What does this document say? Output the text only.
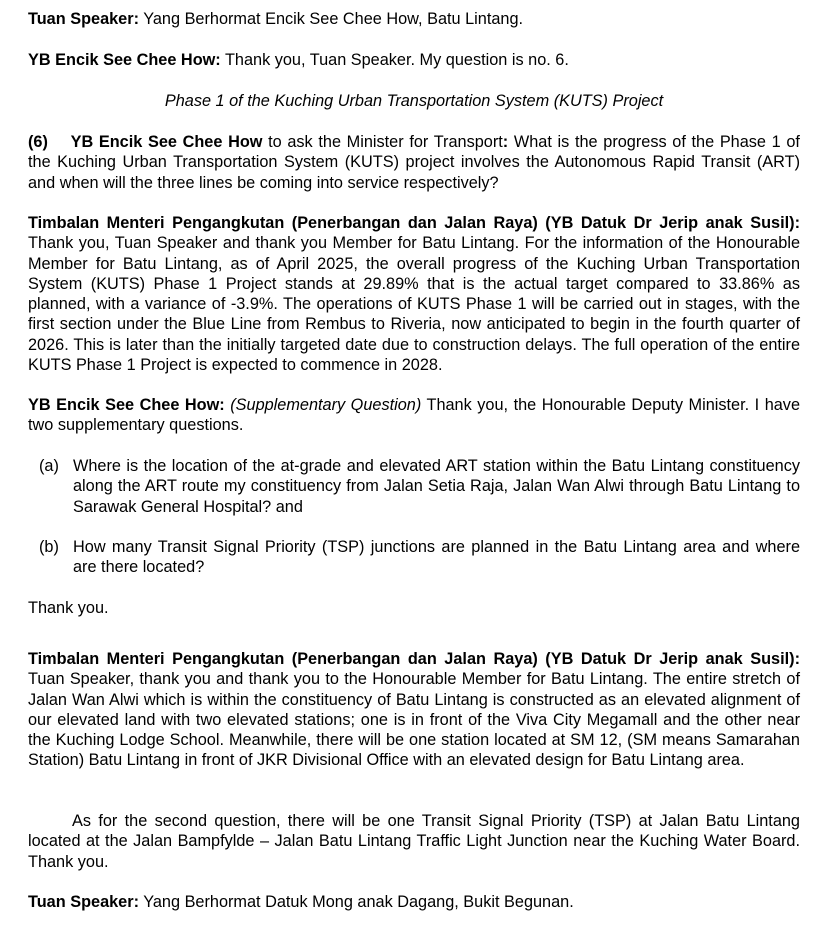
Tuan Speaker: Yang Berhormat Encik See Chee How, Batu Lintang.

YB Encik See Chee How: Thank you, Tuan Speaker. My question is no. 6.

Phase 1 of the Kuching Urban Transportation System (KUTS) Project

(6) YB Encik See Chee How to ask the Minister for Transport: What is the progress of the Phase 1 of the Kuching Urban Transportation System (KUTS) project involves the Autonomous Rapid Transit (ART) and when will the three lines be coming into service respectively?

Timbalan Menteri Pengangkutan (Penerbangan dan Jalan Raya) (YB Datuk Dr Jerip anak Susil): Thank you, Tuan Speaker and thank you Member for Batu Lintang. For the information of the Honourable Member for Batu Lintang, as of April 2025, the overall progress of the Kuching Urban Transportation System (KUTS) Phase 1 Project stands at 29.89% that is the actual target compared to 33.86% as planned, with a variance of -3.9%. The operations of KUTS Phase 1 will be carried out in stages, with the first section under the Blue Line from Rembus to Riveria, now anticipated to begin in the fourth quarter of 2026. This is later than the initially targeted date due to construction delays. The full operation of the entire KUTS Phase 1 Project is expected to commence in 2028.

YB Encik See Chee How: (Supplementary Question) Thank you, the Honourable Deputy Minister. I have two supplementary questions.

(a) Where is the location of the at-grade and elevated ART station within the Batu Lintang constituency along the ART route my constituency from Jalan Setia Raja, Jalan Wan Alwi through Batu Lintang to Sarawak General Hospital? and
(b) How many Transit Signal Priority (TSP) junctions are planned in the Batu Lintang area and where are there located?

Thank you.

Timbalan Menteri Pengangkutan (Penerbangan dan Jalan Raya) (YB Datuk Dr Jerip anak Susil): Tuan Speaker, thank you and thank you to the Honourable Member for Batu Lintang. The entire stretch of Jalan Wan Alwi which is within the constituency of Batu Lintang is constructed as an elevated alignment of our elevated land with two elevated stations; one is in front of the Viva City Megamall and the other near the Kuching Lodge School. Meanwhile, there will be one station located at SM 12, (SM means Samarahan Station) Batu Lintang in front of JKR Divisional Office with an elevated design for Batu Lintang area.

As for the second question, there will be one Transit Signal Priority (TSP) at Jalan Batu Lintang located at the Jalan Bampfylde – Jalan Batu Lintang Traffic Light Junction near the Kuching Water Board. Thank you.

Tuan Speaker: Yang Berhormat Datuk Mong anak Dagang, Bukit Begunan.
